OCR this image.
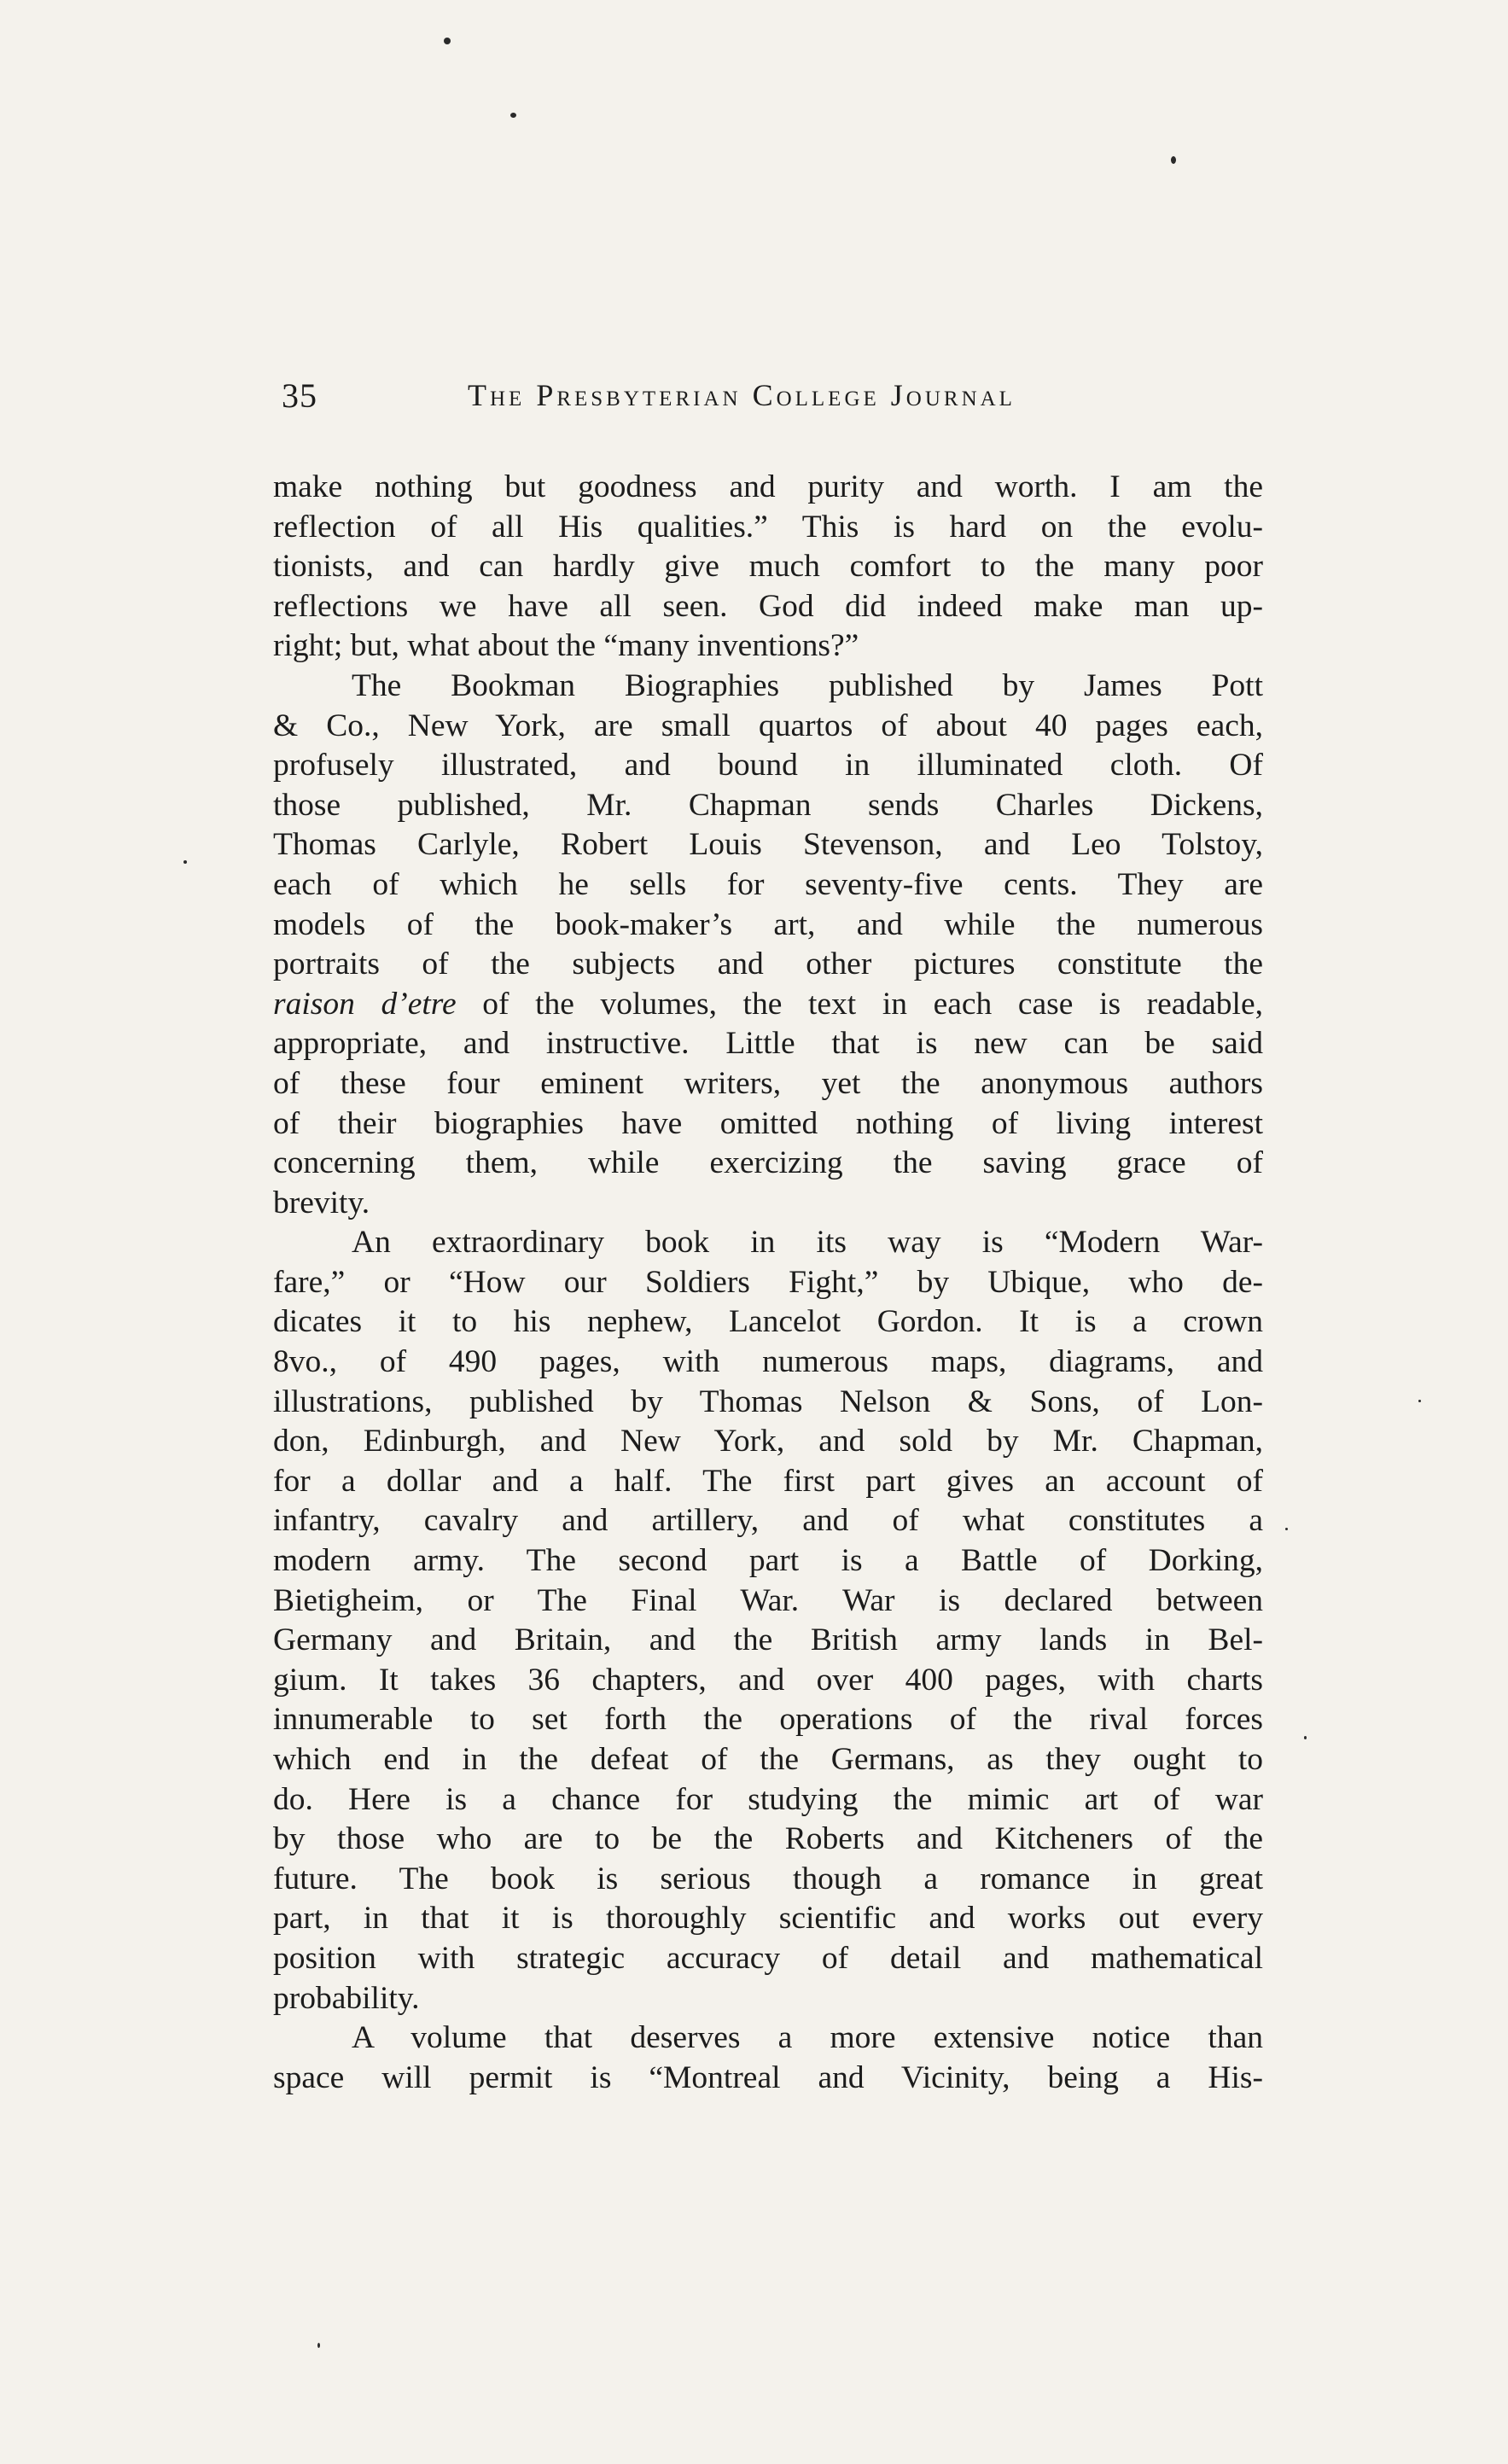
35	The Presbyterian College Journal
make nothing but goodness and purity and worth. I am the
reflection of all His qualities.” This is hard on the evolu-
tionists, and can hardly give much comfort to the many poor
reflections we have all seen. God did indeed make man up-
right; but, what about the “many inventions?”
The Bookman Biographies published by James Pott
& Co., New York, are small quartos of about 40 pages each,
profusely illustrated, and bound in illuminated cloth. Of
those published, Mr. Chapman sends Charles Dickens,
Thomas Carlyle, Robert Louis Stevenson, and Leo Tolstoy,
each of which he sells for seventy-five cents. They are
models of the book-maker’s art, and while the numerous
portraits of the subjects and other pictures constitute the
raison d’etre of the volumes, the text in each case is readable,
appropriate, and instructive. Little that is new can be said
of these four eminent writers, yet the anonymous authors
of their biographies have omitted nothing of living interest
concerning them, while exercizing the saving grace of
brevity.
An extraordinary book in its way is “Modern War-
fare,” or “How our Soldiers Fight,” by Ubique, who de-
dicates it to his nephew, Lancelot Gordon. It is a crown
8vo., of 490 pages, with numerous maps, diagrams, and
illustrations, published by Thomas Nelson & Sons, of Lon-
don, Edinburgh, and New York, and sold by Mr. Chapman,
for a dollar and a half. The first part gives an account of
infantry, cavalry and artillery, and of what constitutes a
modern army. The second part is a Battle of Dorking,
Bietigheim, or The Final War. War is declared between
Germany and Britain, and the British army lands in Bel-
gium. It takes 36 chapters, and over 400 pages, with charts
innumerable to set forth the operations of the rival forces
which end in the defeat of the Germans, as they ought to
do. Here is a chance for studying the mimic art of war
by those who are to be the Roberts and Kitcheners of the
future. The book is serious though a romance in great
part, in that it is thoroughly scientific and works out every
position with strategic accuracy of detail and mathematical
probability.
A volume that deserves a more extensive notice than
space will permit is “Montreal and Vicinity, being a His-
